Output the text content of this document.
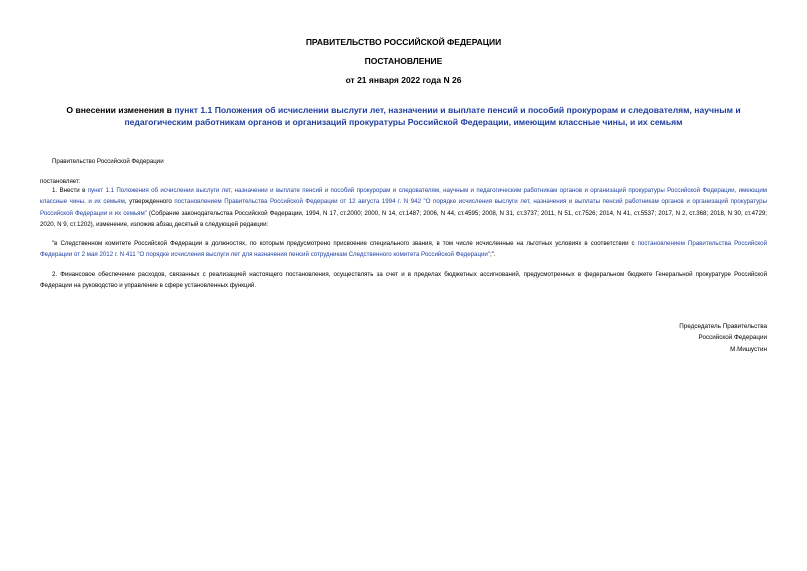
ПРАВИТЕЛЬСТВО РОССИЙСКОЙ ФЕДЕРАЦИИ
ПОСТАНОВЛЕНИЕ
от 21 января 2022 года N 26
О внесении изменения в пункт 1.1 Положения об исчислении выслуги лет, назначении и выплате пенсий и пособий прокурорам и следователям, научным и педагогическим работникам органов и организаций прокуратуры Российской Федерации, имеющим классные чины, и их семьям
Правительство Российской Федерации
постановляет:
1. Внести в пункт 1.1 Положения об исчислении выслуги лет, назначении и выплате пенсий и пособий прокурорам и следователям, научным и педагогическим работникам органов и организаций прокуратуры Российской Федерации, имеющим классные чины, и их семьям, утвержденного постановлением Правительства Российской Федерации от 12 августа 1994 г. N 942 "О порядке исчисления выслуги лет, назначения и выплаты пенсий работникам органов и организаций прокуратуры Российской Федерации и их семьям" (Собрание законодательства Российской Федерации, 1994, N 17, ст.2000; 2000, N 14, ст.1487; 2006, N 44, ст.4595; 2008, N 31, ст.3737; 2011, N 51, ст.7526; 2014, N 41, ст.5537; 2017, N 2, ст.368; 2018, N 30, ст.4729; 2020, N 9, ст.1202), изменение, изложив абзац десятый в следующей редакции:
"в Следственном комитете Российской Федерации в должностях, по которым предусмотрено присвоение специального звания, в том числе исчисленные на льготных условиях в соответствии с постановлением Правительства Российской Федерации от 2 мая 2012 г. N 411 "О порядке исчисления выслуги лет для назначения пенсий сотрудникам Следственного комитета Российской Федерации";".
2. Финансовое обеспечение расходов, связанных с реализацией настоящего постановления, осуществлять за счет и в пределах бюджетных ассигнований, предусмотренных в федеральном бюджете Генеральной прокуратуре Российской Федерации на руководство и управление в сфере установленных функций.
Председатель Правительства
Российской Федерации
М.Мишустин
